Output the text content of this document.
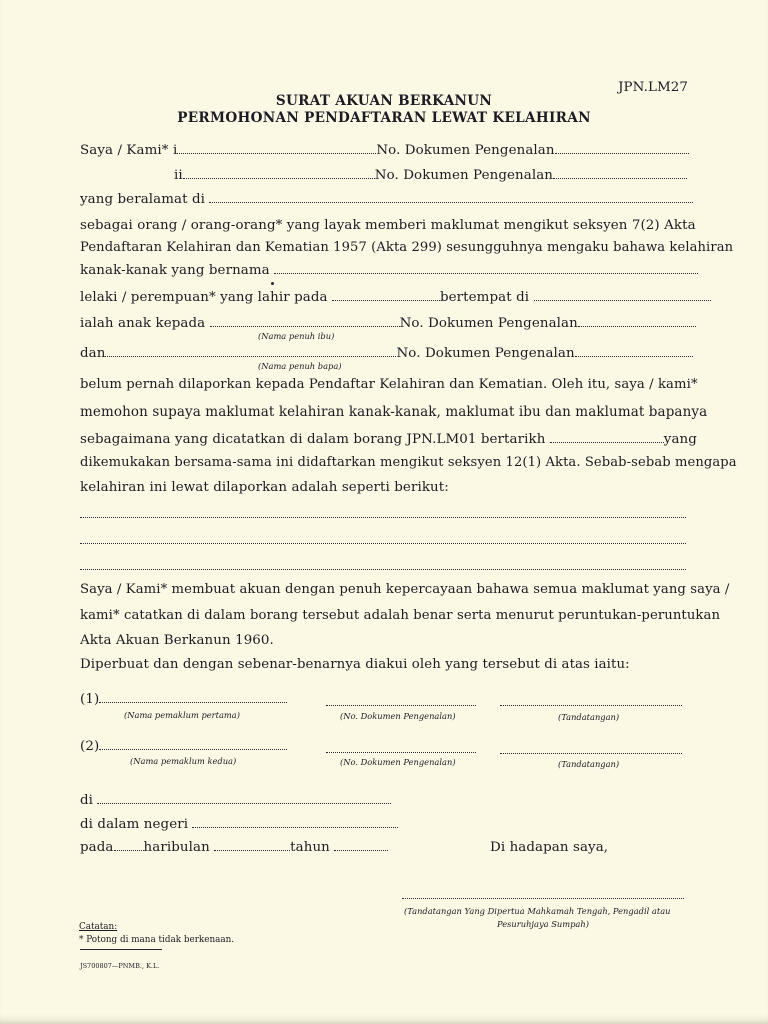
JPN.LM27
SURAT AKUAN BERKANUN
PERMOHONAN PENDAFTARAN LEWAT KELAHIRAN
Saya / Kami* i	No. Dokumen Pengenalan
ii	No. Dokumen Pengenalan
yang beralamat di
sebagai orang / orang-orang* yang layak memberi maklumat mengikut seksyen 7(2) Akta
Pendaftaran Kelahiran dan Kematian 1957 (Akta 299) sesungguhnya mengaku bahawa kelahiran
kanak-kanak yang bernama
lelaki / perempuan* yang lahir pada	bertempat di
ialah anak kepada	No. Dokumen Pengenalan
(Nama penuh ibu)
dan	No. Dokumen Pengenalan
(Nama penuh bapa)
belum pernah dilaporkan kepada Pendaftar Kelahiran dan Kematian. Oleh itu, saya / kami*
memohon supaya maklumat kelahiran kanak-kanak, maklumat ibu dan maklumat bapanya
sebagaimana yang dicatatkan di dalam borang JPN.LM01 bertarikh	yang
dikemukakan bersama-sama ini didaftarkan mengikut seksyen 12(1) Akta. Sebab-sebab mengapa
kelahiran ini lewat dilaporkan adalah seperti berikut:
Saya / Kami* membuat akuan dengan penuh kepercayaan bahawa semua maklumat yang saya /
kami* catatkan di dalam borang tersebut adalah benar serta menurut peruntukan-peruntukan
Akta Akuan Berkanun 1960.
Diperbuat dan dengan sebenar-benarnya diakui oleh yang tersebut di atas iaitu:
(1)
(Nama pemaklum pertama)	(No. Dokumen Pengenalan)	(Tandatangan)
(2)
(Nama pemaklum kedua)	(No. Dokumen Pengenalan)	(Tandatangan)
di
di dalam negeri
pada haribulan	tahun	Di hadapan saya,
(Tandatangan Yang Dipertua Mahkamah Tengah, Pengadil atau
Pesuruhjaya Sumpah)
Catatan:
* Potong di mana tidak berkenaan.
JS700807—PNMB., K.L.
